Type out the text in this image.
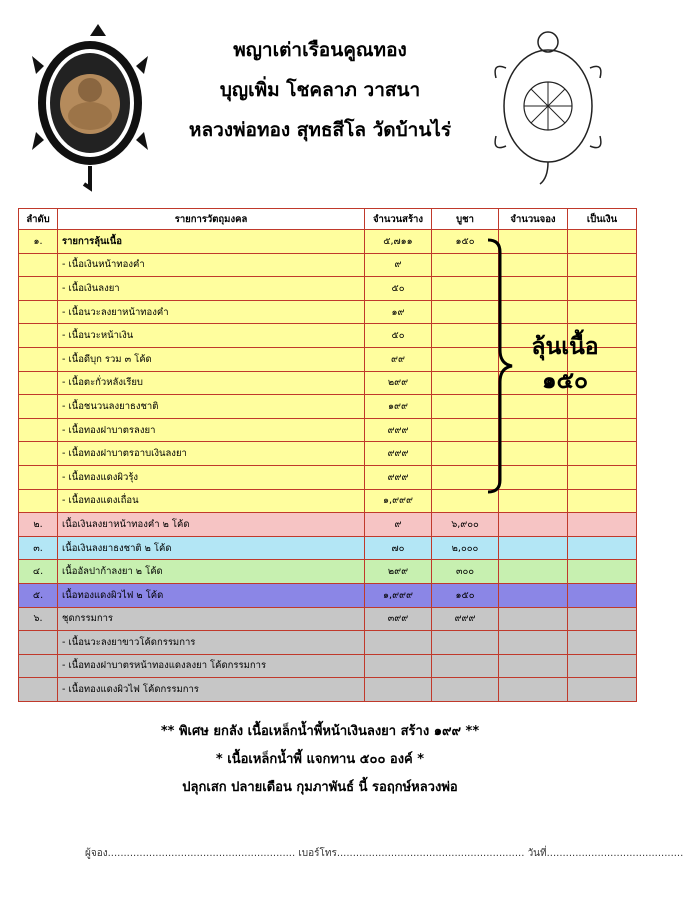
พญาเต่าเรือนคูณทอง
บุญเพิ่ม โชคลาภ วาสนา
หลวงพ่อทอง สุทธสีโล วัดบ้านไร่
ลำดับ	รายการวัตถุมงคล	จำนวนสร้าง	บูชา	จำนวนจอง	เป็นเงิน
๑.	รายการลุ้นเนื้อ	๕,๗๑๑	๑๕๐		
	- เนื้อเงินหน้าทองคำ	๙			
	- เนื้อเงินลงยา	๕๐			
	- เนื้อนวะลงยาหน้าทองคำ	๑๙			
	- เนื้อนวะหน้าเงิน	๕๐			
	- เนื้อดีบุก รวม ๓ โค้ด	๙๙			
	- เนื้อตะกั่วหลังเรียบ	๒๙๙			
	- เนื้อชนวนลงยาธงชาติ	๑๙๙			
	- เนื้อทองฝาบาตรลงยา	๙๙๙			
	- เนื้อทองฝาบาตรอาบเงินลงยา	๙๙๙			
	- เนื้อทองแดงผิวรุ้ง	๙๙๙			
	- เนื้อทองแดงเถื่อน	๑,๙๙๙			
๒.	เนื้อเงินลงยาหน้าทองคำ ๒ โค้ด	๙	๖,๙๐๐		
๓.	เนื้อเงินลงยาธงชาติ ๒ โค้ด	๗๐	๒,๐๐๐		
๔.	เนื้ออัลปาก้าลงยา ๒ โค้ด	๒๙๙	๓๐๐		
๕.	เนื้อทองแดงผิวไฟ ๒ โค้ด	๑,๙๙๙	๑๕๐		
๖.	ชุดกรรมการ	๓๙๙	๙๙๙		
	- เนื้อนวะลงยาขาวโค้ดกรรมการ				
	- เนื้อทองฝาบาตรหน้าทองแดงลงยา โค้ดกรรมการ				
	- เนื้อทองแดงผิวไฟ โค้ดกรรมการ				
ลุ้นเนื้อ
๑๕๐
** พิเศษ ยกลัง เนื้อเหล็กน้ำพี้หน้าเงินลงยา สร้าง ๑๙๙ **
* เนื้อเหล็กน้ำพี้ แจกทาน ๕๐๐ องค์ *
ปลุกเสก ปลายเดือน กุมภาพันธ์ นี้ รอฤกษ์หลวงพ่อ
ผู้จอง........................................................... เบอร์โทร........................................................... วันที่...........................................
